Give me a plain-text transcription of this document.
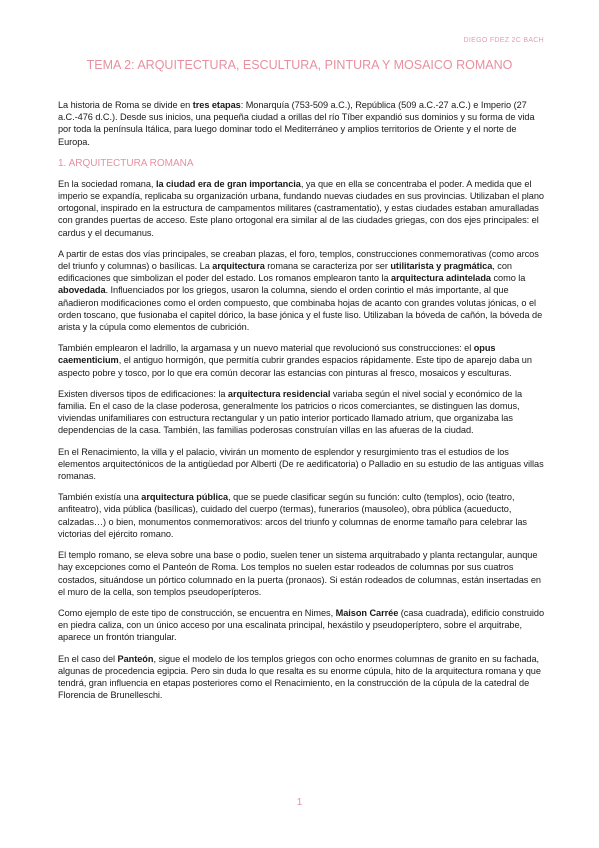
DIEGO FDEZ 2C BACH
TEMA 2: ARQUITECTURA, ESCULTURA, PINTURA Y MOSAICO ROMANO

La historia de Roma se divide en tres etapas: Monarquía (753-509 a.C.), República (509 a.C.-27 a.C.) e Imperio (27 a.C.-476 d.C.). Desde sus inicios, una pequeña ciudad a orillas del río Tíber expandió sus dominios y su forma de vida por toda la península Itálica, para luego dominar todo el Mediterráneo y amplios territorios de Oriente y el norte de Europa.

1. ARQUITECTURA ROMANA

En la sociedad romana, la ciudad era de gran importancia, ya que en ella se concentraba el poder. A medida que el imperio se expandía, replicaba su organización urbana, fundando nuevas ciudades en sus provincias. Utilizaban el plano ortogonal, inspirado en la estructura de campamentos militares (castramentatio), y estas ciudades estaban amuralladas con grandes puertas de acceso. Este plano ortogonal era similar al de las ciudades griegas, con dos ejes principales: el cardus y el decumanus.

A partir de estas dos vías principales, se creaban plazas, el foro, templos, construcciones conmemorativas (como arcos del triunfo y columnas) o basílicas. La arquitectura romana se caracteriza por ser utilitarista y pragmática, con edificaciones que simbolizan el poder del estado. Los romanos emplearon tanto la arquitectura adintelada como la abovedada. Influenciados por los griegos, usaron la columna, siendo el orden corintio el más importante, al que añadieron modificaciones como el orden compuesto, que combinaba hojas de acanto con grandes volutas jónicas, o el orden toscano, que fusionaba el capitel dórico, la base jónica y el fuste liso. Utilizaban la bóveda de cañón, la bóveda de arista y la cúpula como elementos de cubrición.

También emplearon el ladrillo, la argamasa y un nuevo material que revolucionó sus construcciones: el opus caementicium, el antiguo hormigón, que permitía cubrir grandes espacios rápidamente. Este tipo de aparejo daba un aspecto pobre y tosco, por lo que era común decorar las estancias con pinturas al fresco, mosaicos y esculturas.

Existen diversos tipos de edificaciones: la arquitectura residencial variaba según el nivel social y económico de la familia. En el caso de la clase poderosa, generalmente los patricios o ricos comerciantes, se distinguen las domus, viviendas unifamiliares con estructura rectangular y un patio interior porticado llamado atrium, que organizaba las dependencias de la casa. También, las familias poderosas construían villas en las afueras de la ciudad.

En el Renacimiento, la villa y el palacio, vivirán un momento de esplendor y resurgimiento tras el estudios de los elementos arquitectónicos de la antigüedad por Alberti (De re aedificatoria) o Palladio en su estudio de las antiguas villas romanas.

También existía una arquitectura pública, que se puede clasificar según su función: culto (templos), ocio (teatro, anfiteatro), vida pública (basílicas), cuidado del cuerpo (termas), funerarios (mausoleo), obra pública (acueducto, calzadas…) o bien, monumentos conmemorativos: arcos del triunfo y columnas de enorme tamaño para celebrar las victorias del ejército romano.

El templo romano, se eleva sobre una base o podio, suelen tener un sistema arquitrabado y planta rectangular, aunque hay excepciones como el Panteón de Roma. Los templos no suelen estar rodeados de columnas por sus cuatros costados, situándose un pórtico columnado en la puerta (pronaos). Si están rodeados de columnas, están insertadas en el muro de la cella, son templos pseudoperípteros.

Como ejemplo de este tipo de construcción, se encuentra en Nimes, Maison Carrée (casa cuadrada), edificio construido en piedra caliza, con un único acceso por una escalinata principal, hexástilo y pseudoperíptero, sobre el arquitrabe, aparece un frontón triangular.

En el caso del Panteón, sigue el modelo de los templos griegos con ocho enormes columnas de granito en su fachada, algunas de procedencia egipcia. Pero sin duda lo que resalta es su enorme cúpula, hito de la arquitectura romana y que tendrá, gran influencia en etapas posteriores como el Renacimiento, en la construcción de la cúpula de la catedral de Florencia de Brunelleschi.

1
